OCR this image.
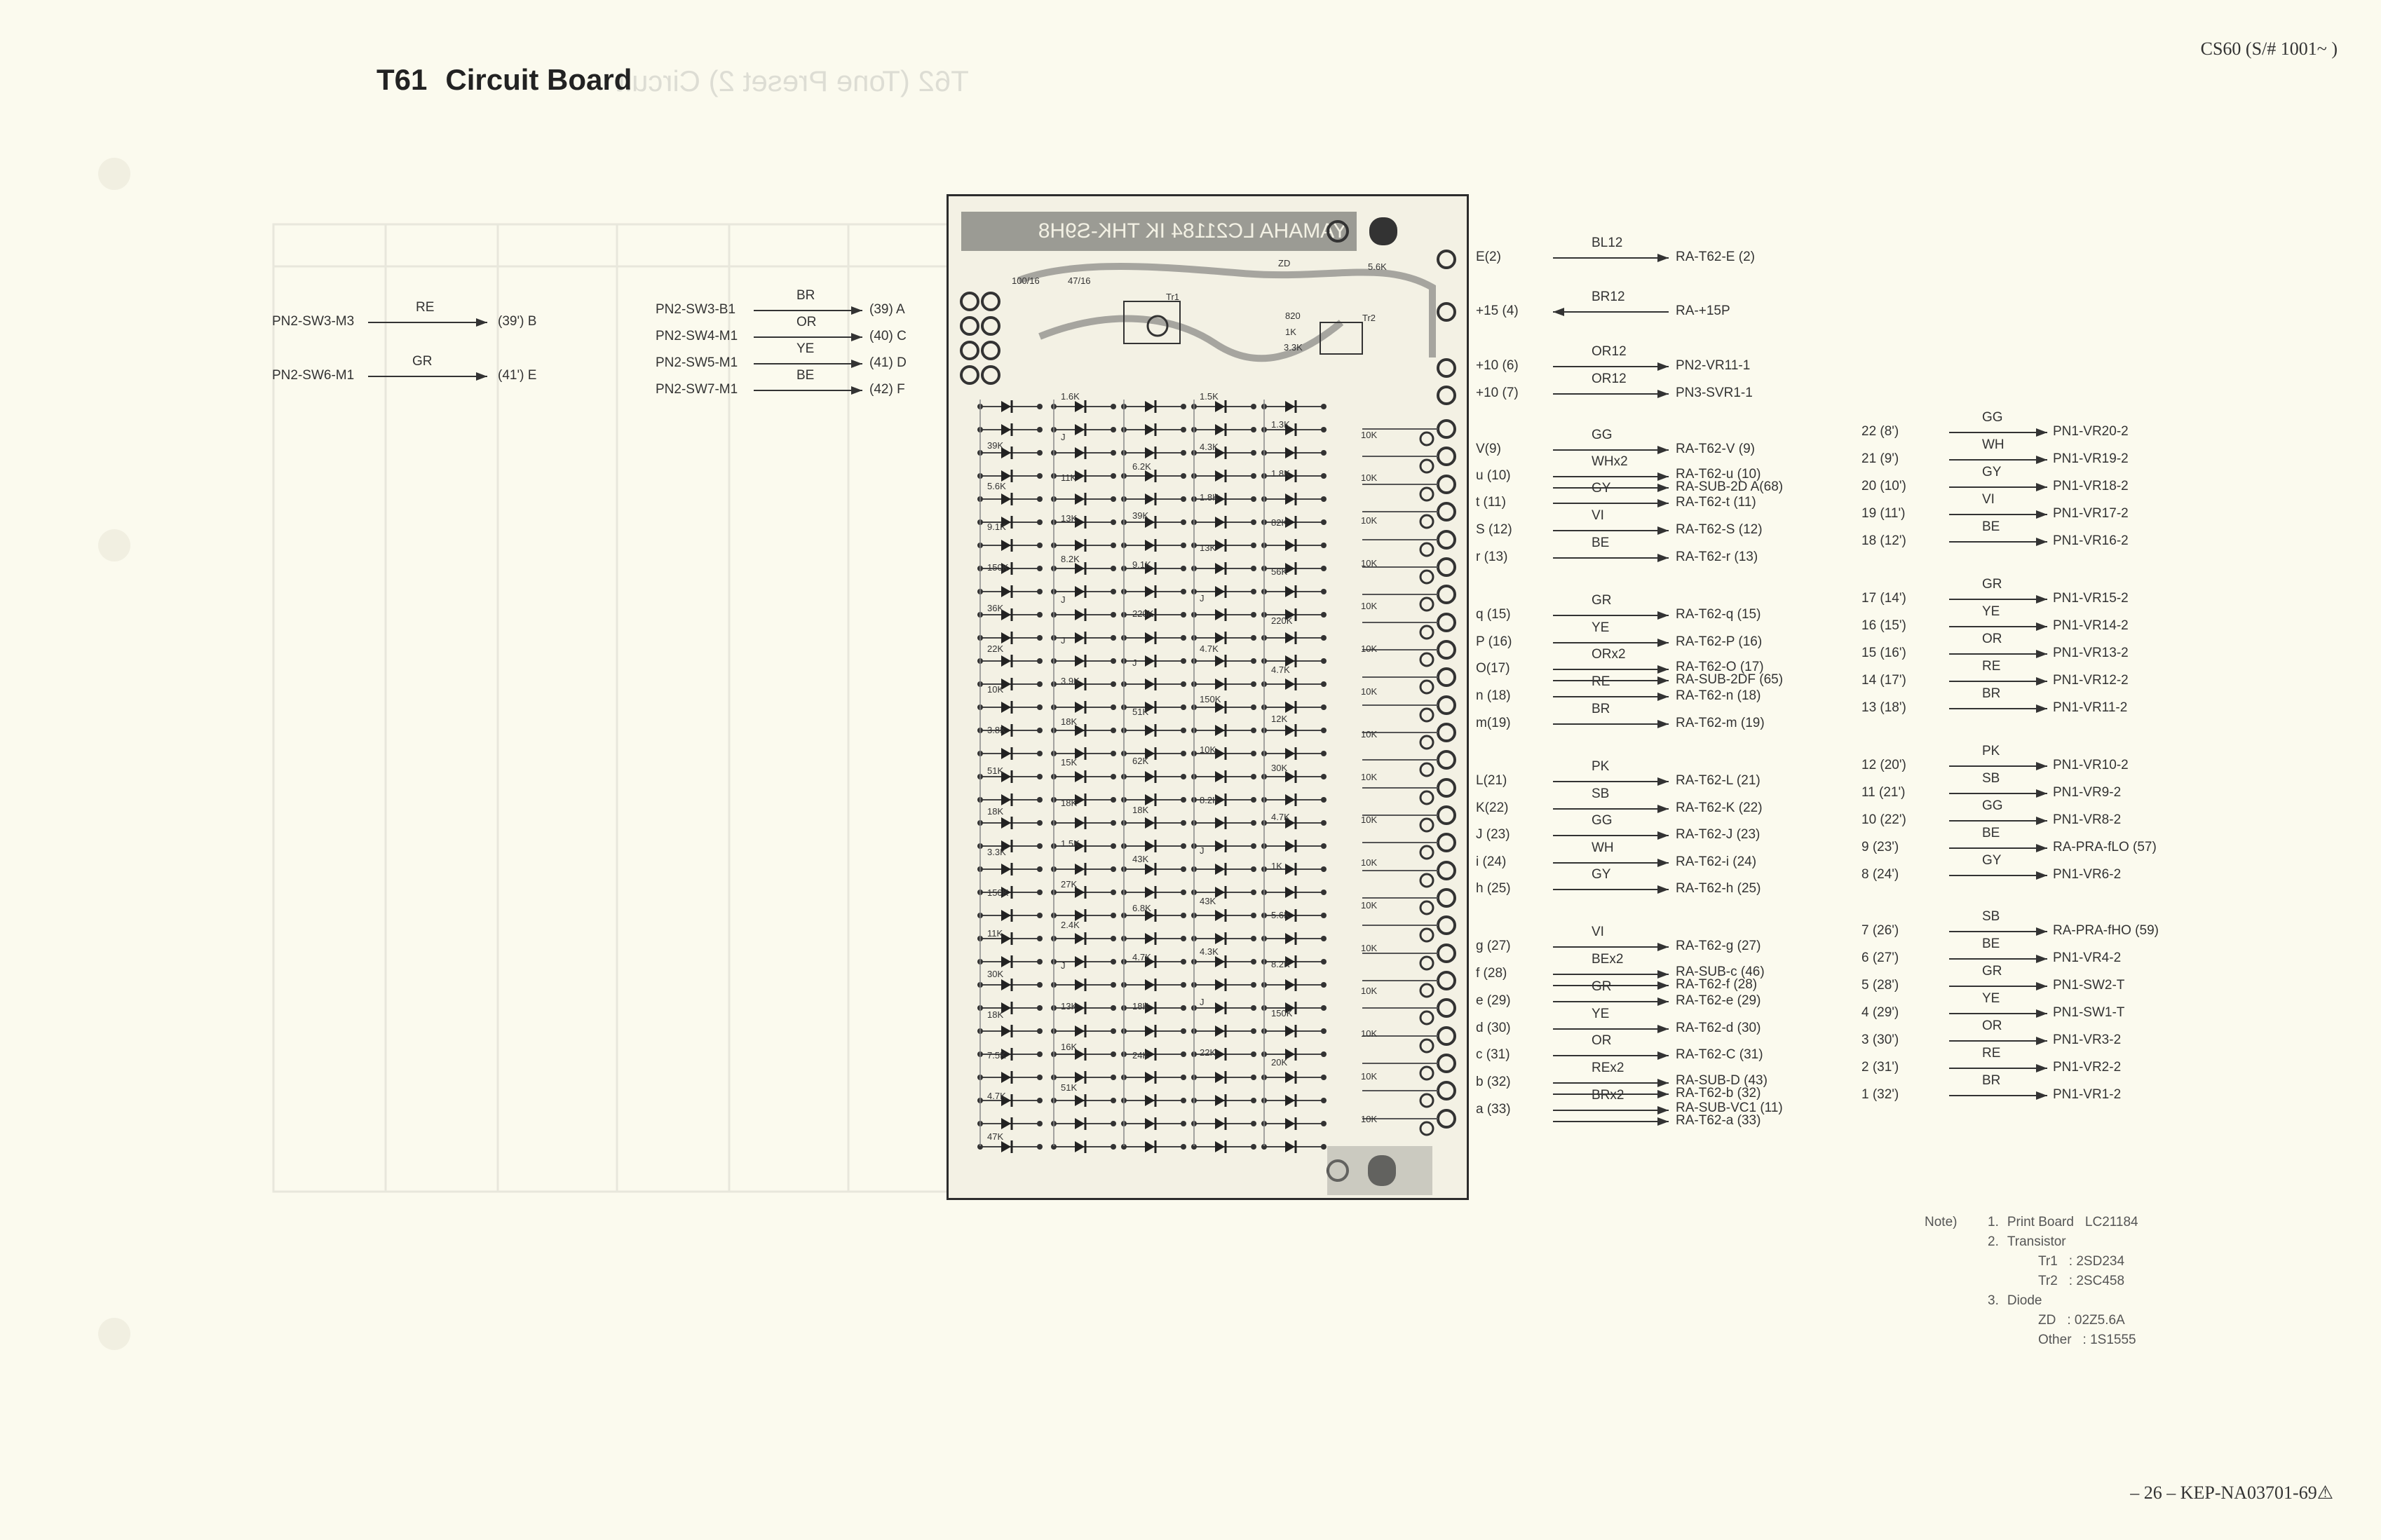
T62 (Tone Preset 2) Circuit
T61 Circuit Board
CS60 (S/# 1001~ )
– 26 – KEP-NA03701-69⚠
YAMAHA LC21184 IK THK-S9H8
Tr1
ZD
820
1K
3.3K
5.6K
Tr2
100/16	47/16
39K
5.6K
9.1K
150K
36K
22K
10K
3.8K
51K
18K
3.3K
150K
11K
30K
18K
7.5K
4.7K
47K
1.6K
J
11K
13K
8.2K
J
J
3.9K
18K
15K
18K
1.5K
27K
2.4K
J
13K
16K
51K
6.2K
39K
9.1K
220K
J
51K
62K
18K
43K
6.8K
4.7K
18K
24K
1.5K
4.3K
1.8K
13K
J
4.7K
150K
10K
8.2K
J
43K
4.3K
J
22K
1.3K
1.8K
82K
56K
220K
4.7K
12K
30K
4.7K
1K
5.6K
8.2K
150K
20K
10K
10K
10K
10K
10K
10K
10K
10K
10K
10K
10K
10K
10K
10K
10K
10K
10K
PN2-SW3-M3
RE
(39') B
PN2-SW6-M1
GR
(41') E
PN2-SW3-B1
BR
(39) A
PN2-SW4-M1
OR
(40) C
PN2-SW5-M1
YE
(41) D
PN2-SW7-M1
BE
(42) F
E(2)
BL12
RA-T62-E (2)
+15 (4)
BR12
RA-+15P
+10 (6)
OR12
PN2-VR11-1
+10 (7)
OR12
PN3-SVR1-1
V(9)
GG
RA-T62-V (9)
u (10)
WHx2
RA-T62-u (10)
RA-SUB-2D A(68)
t (11)
GY
RA-T62-t (11)
S (12)
VI
RA-T62-S (12)
r (13)
BE
RA-T62-r (13)
q (15)
GR
RA-T62-q (15)
P (16)
YE
RA-T62-P (16)
O(17)
ORx2
RA-T62-O (17)
RA-SUB-2DF (65)
n (18)
RE
RA-T62-n (18)
m(19)
BR
RA-T62-m (19)
L(21)
PK
RA-T62-L (21)
K(22)
SB
RA-T62-K (22)
J (23)
GG
RA-T62-J (23)
i (24)
WH
RA-T62-i (24)
h (25)
GY
RA-T62-h (25)
g (27)
VI
RA-T62-g (27)
f (28)
BEx2
RA-SUB-c (46)
RA-T62-f (28)
e (29)
GR
RA-T62-e (29)
d (30)
YE
RA-T62-d (30)
c (31)
OR
RA-T62-C (31)
b (32)
REx2
RA-SUB-D (43)
RA-T62-b (32)
a (33)
BRx2
RA-SUB-VC1 (11)
RA-T62-a (33)
22 (8')
GG
PN1-VR20-2
21 (9')
WH
PN1-VR19-2
20 (10')
GY
PN1-VR18-2
19 (11')
VI
PN1-VR17-2
18 (12')
BE
PN1-VR16-2
17 (14')
GR
PN1-VR15-2
16 (15')
YE
PN1-VR14-2
15 (16')
OR
PN1-VR13-2
14 (17')
RE
PN1-VR12-2
13 (18')
BR
PN1-VR11-2
12 (20')
PK
PN1-VR10-2
11 (21')
SB
PN1-VR9-2
10 (22')
GG
PN1-VR8-2
9 (23')
BE
RA-PRA-fLO (57)
8 (24')
GY
PN1-VR6-2
7 (26')
SB
RA-PRA-fHO (59)
6 (27')
BE
PN1-VR4-2
5 (28')
GR
PN1-SW2-T
4 (29')
YE
PN1-SW1-T
3 (30')
OR
PN1-VR3-2
2 (31')
RE
PN1-VR2-2
1 (32')
BR
PN1-VR1-2
Note) 1. Print Board LC21184
2. Transistor
Tr1 : 2SD234
Tr2 : 2SC458
3. Diode
ZD : 02Z5.6A
Other : 1S1555
